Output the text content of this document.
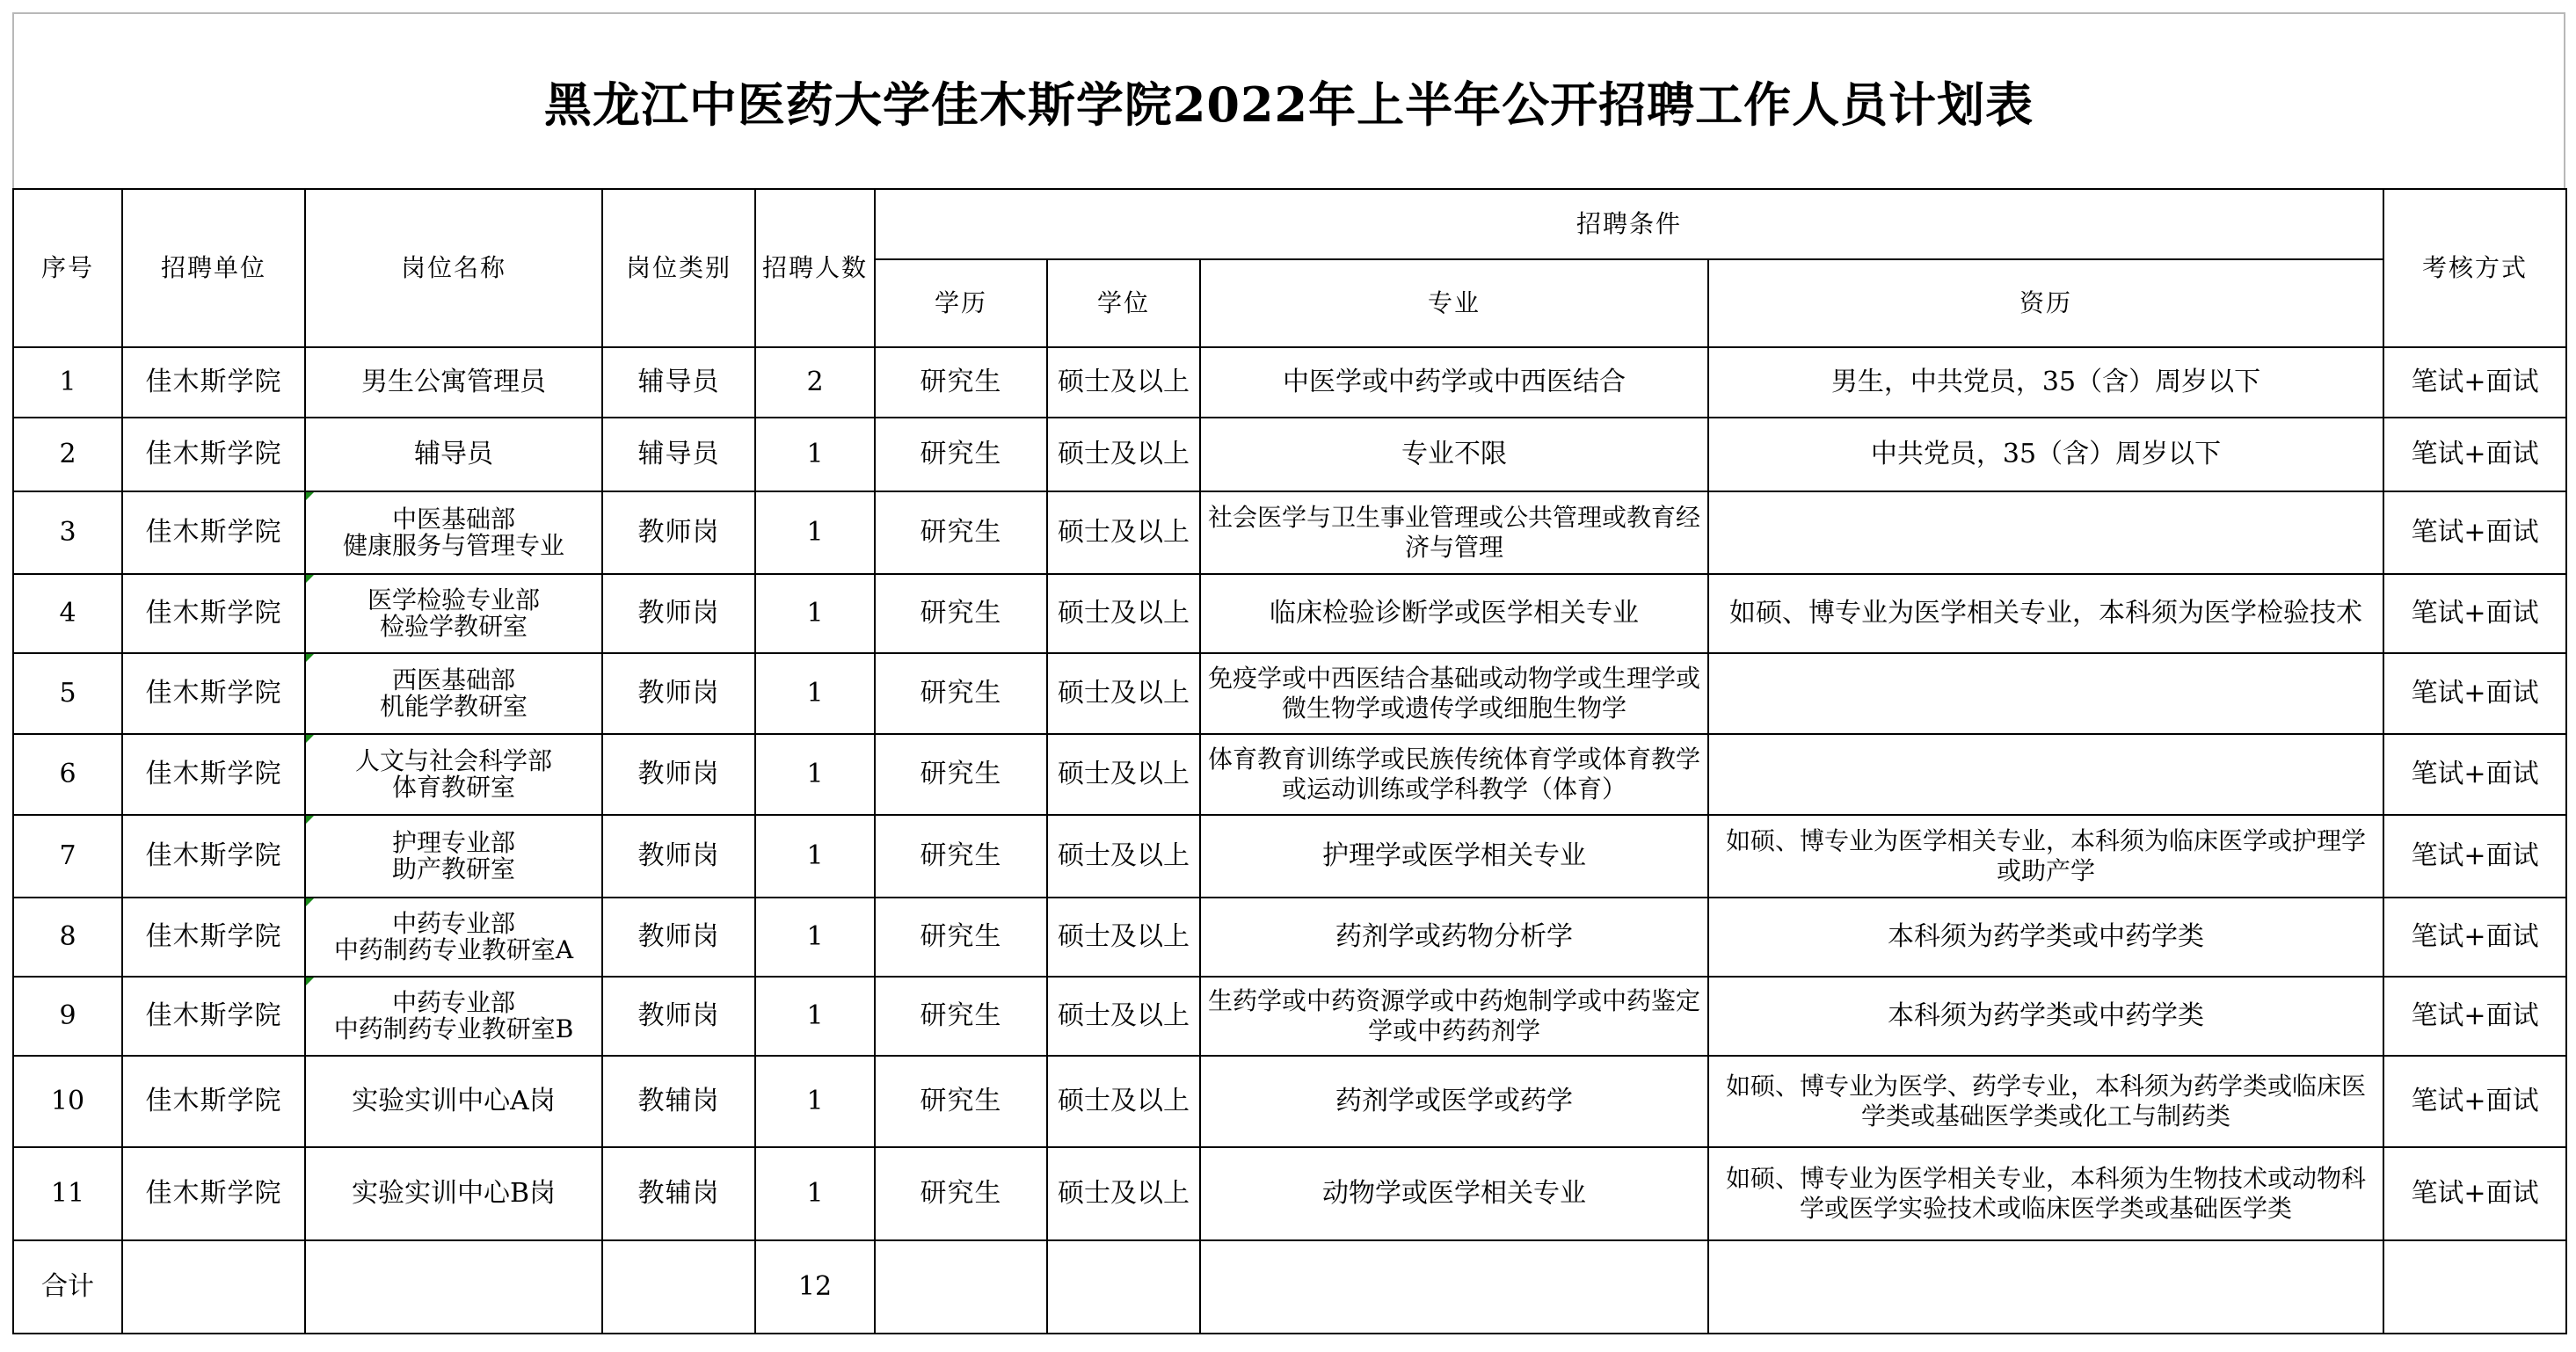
黑龙江中医药大学佳木斯学院2022年上半年公开招聘工作人员计划表
序号	招聘单位	岗位名称	岗位类别	招聘人数	招聘条件				考核方式
					学历	学位	专业	资历	
1	佳木斯学院	男生公寓管理员	辅导员	2	研究生	硕士及以上	中医学或中药学或中西医结合	男生，中共党员，35（含）周岁以下	笔试+面试
2	佳木斯学院	辅导员	辅导员	1	研究生	硕士及以上	专业不限	中共党员，35（含）周岁以下	笔试+面试
3	佳木斯学院	中医基础部
健康服务与管理专业	教师岗	1	研究生	硕士及以上	社会医学与卫生事业管理或公共管理或教育经济与管理		笔试+面试
4	佳木斯学院	医学检验专业部
检验学教研室	教师岗	1	研究生	硕士及以上	临床检验诊断学或医学相关专业	如硕、博专业为医学相关专业，本科须为医学检验技术	笔试+面试
5	佳木斯学院	西医基础部
机能学教研室	教师岗	1	研究生	硕士及以上	免疫学或中西医结合基础或动物学或生理学或微生物学或遗传学或细胞生物学		笔试+面试
6	佳木斯学院	人文与社会科学部
体育教研室	教师岗	1	研究生	硕士及以上	体育教育训练学或民族传统体育学或体育教学或运动训练或学科教学（体育）		笔试+面试
7	佳木斯学院	护理专业部
助产教研室	教师岗	1	研究生	硕士及以上	护理学或医学相关专业	如硕、博专业为医学相关专业，本科须为临床医学或护理学或助产学	笔试+面试
8	佳木斯学院	中药专业部
中药制药专业教研室A	教师岗	1	研究生	硕士及以上	药剂学或药物分析学	本科须为药学类或中药学类	笔试+面试
9	佳木斯学院	中药专业部
中药制药专业教研室B	教师岗	1	研究生	硕士及以上	生药学或中药资源学或中药炮制学或中药鉴定学或中药药剂学	本科须为药学类或中药学类	笔试+面试
10	佳木斯学院	实验实训中心A岗	教辅岗	1	研究生	硕士及以上	药剂学或医学或药学	如硕、博专业为医学、药学专业，本科须为药学类或临床医学类或基础医学类或化工与制药类	笔试+面试
11	佳木斯学院	实验实训中心B岗	教辅岗	1	研究生	硕士及以上	动物学或医学相关专业	如硕、博专业为医学相关专业，本科须为生物技术或动物科学或医学实验技术或临床医学类或基础医学类	笔试+面试
合计				12					
